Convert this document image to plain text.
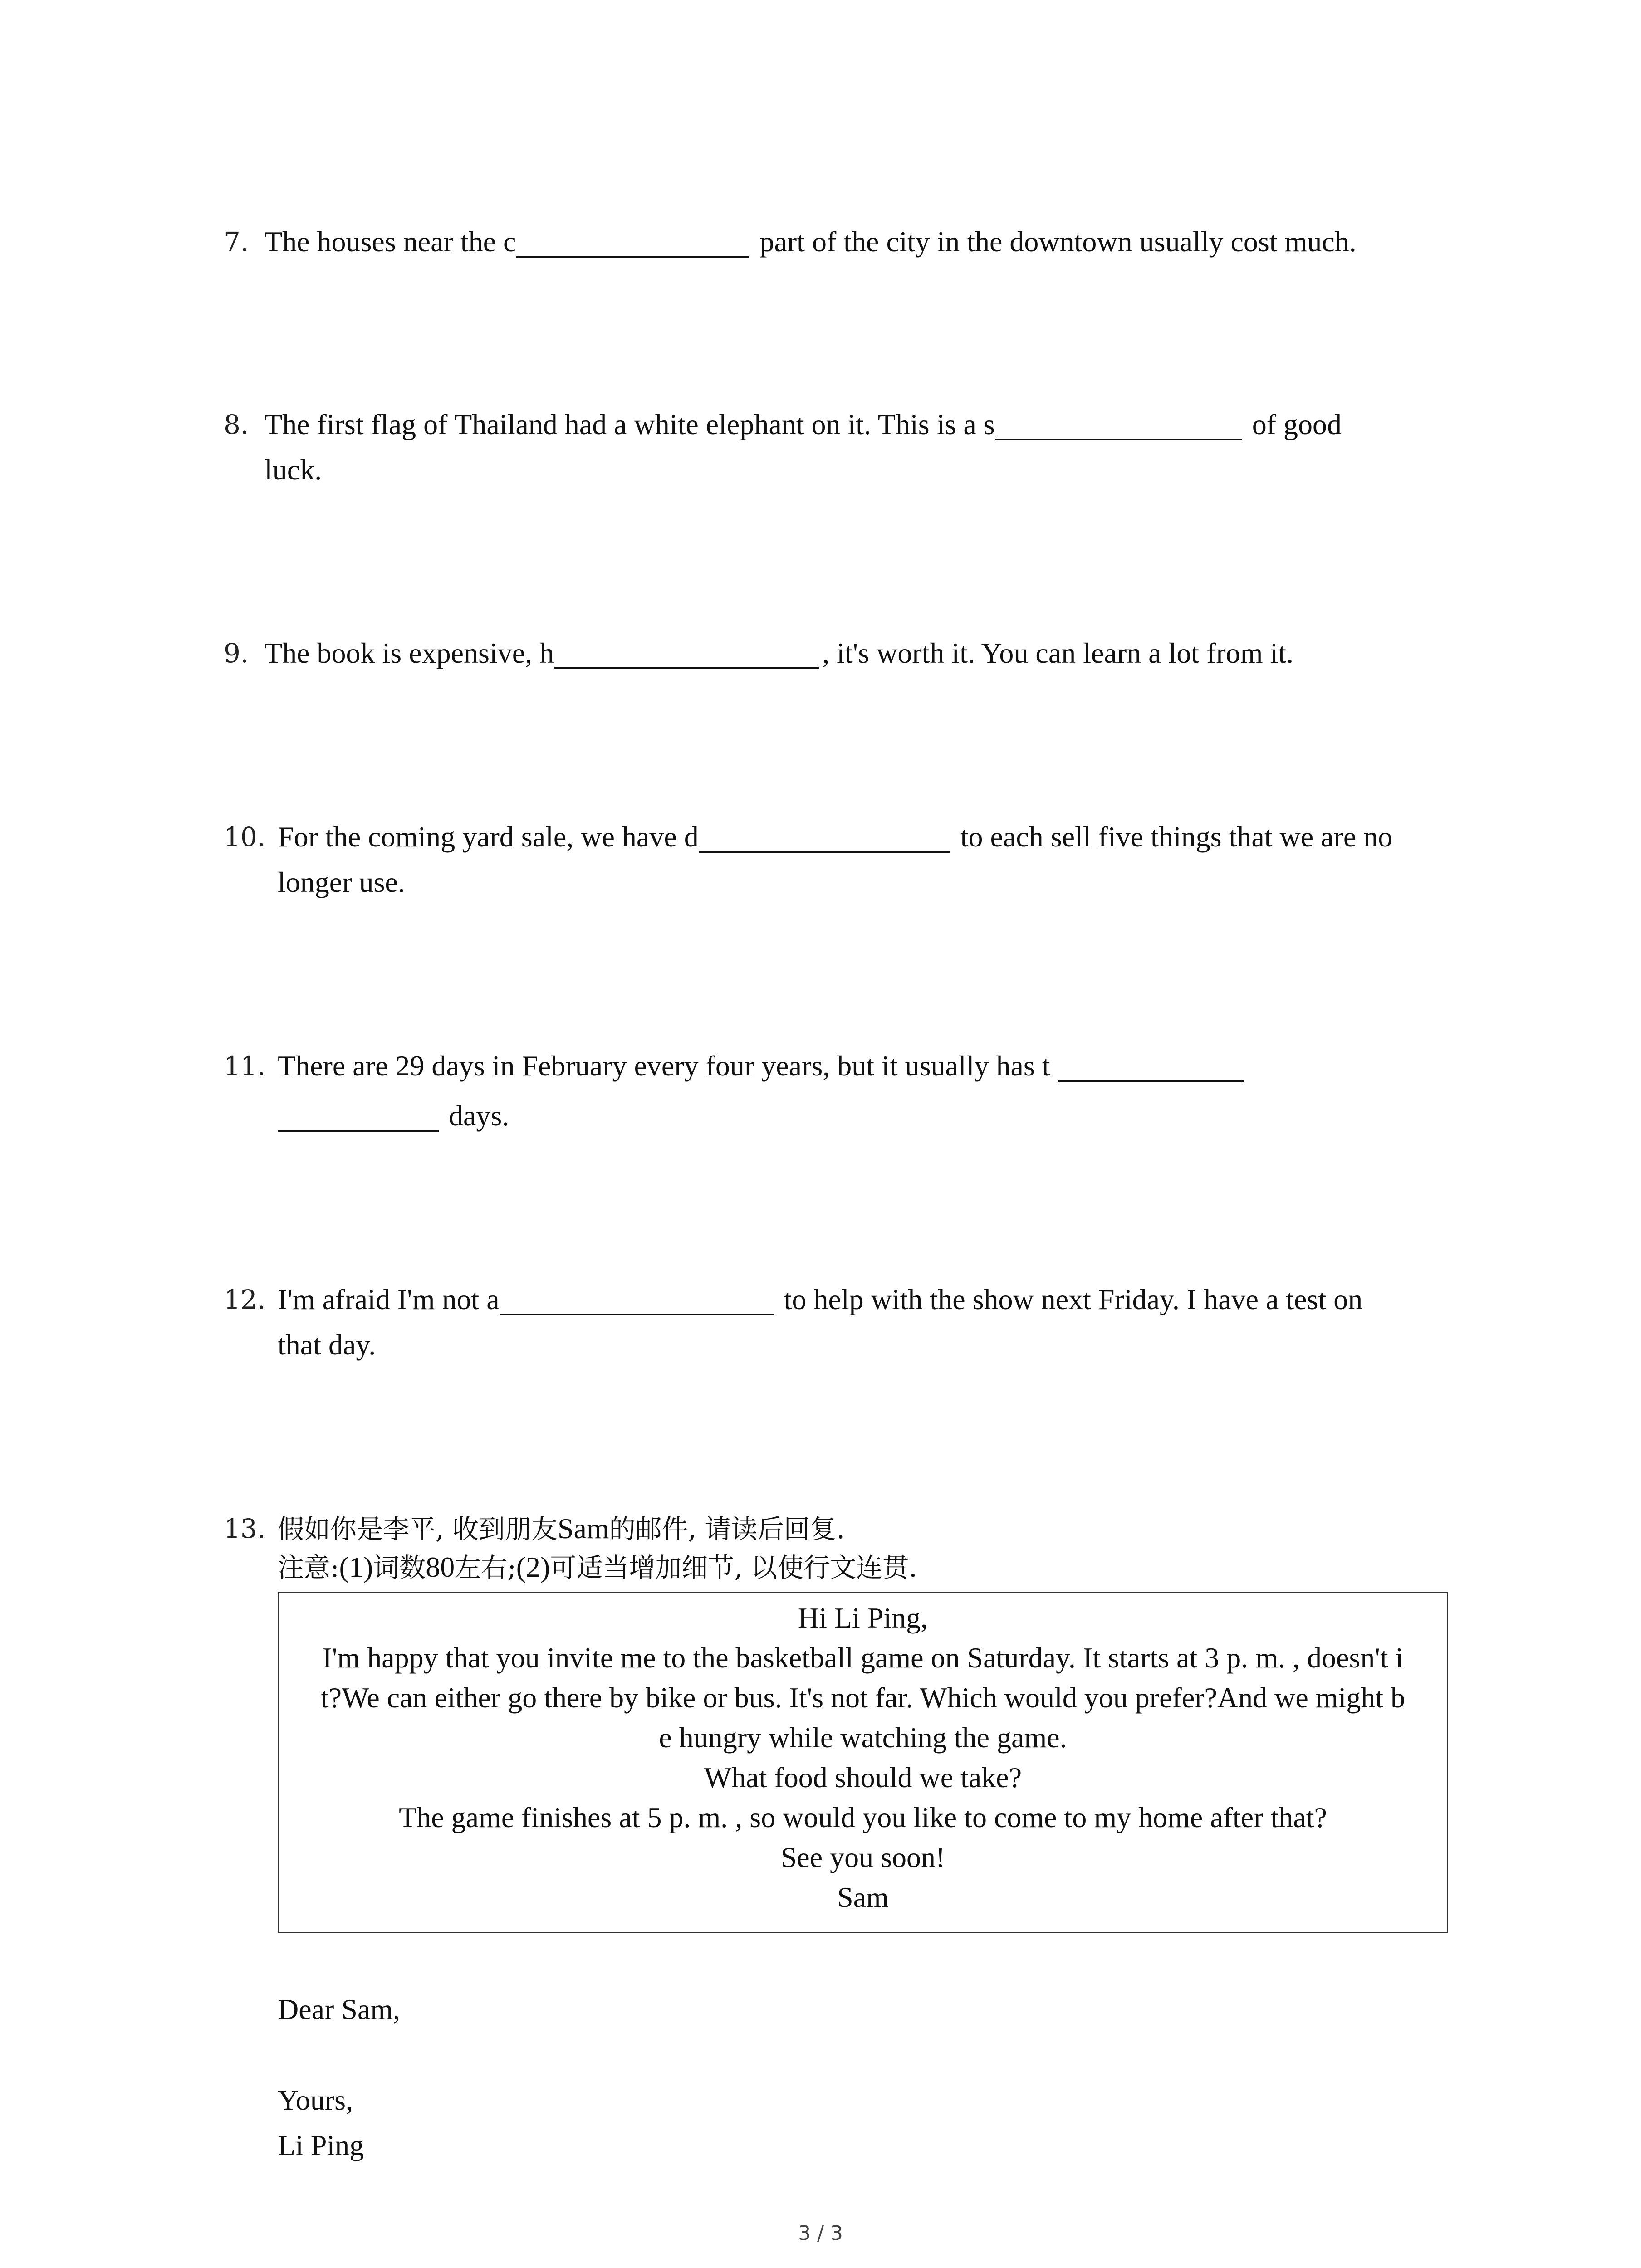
7. The houses near the c	part of the city in the downtown usually cost much.
8. The first flag of Thailand had a white elephant on it. This is a s	of good
luck.
9. The book is expensive, h	, it's worth it. You can learn a lot from it.
10. For the coming yard sale, we have d	to each sell five things that we are no
longer use.
11. There are 29 days in February every four years, but it usually has t
days.
12. I'm afraid I'm not a	to help with the show next Friday. I have a test on
that day.
13. 假如你是李平, 收到朋友Sam的邮件, 请读后回复.
注意:(1)词数80左右;(2)可适当增加细节, 以使行文连贯.
Hi Li Ping,
I'm happy that you invite me to the basketball game on Saturday. It starts at 3 p. m. , doesn't i
t?We can either go there by bike or bus. It's not far. Which would you prefer?And we might b
e hungry while watching the game.
What food should we take?
The game finishes at 5 p. m. , so would you like to come to my home after that?
See you soon!
Sam
Dear Sam,
Yours,
Li Ping
3 / 3
